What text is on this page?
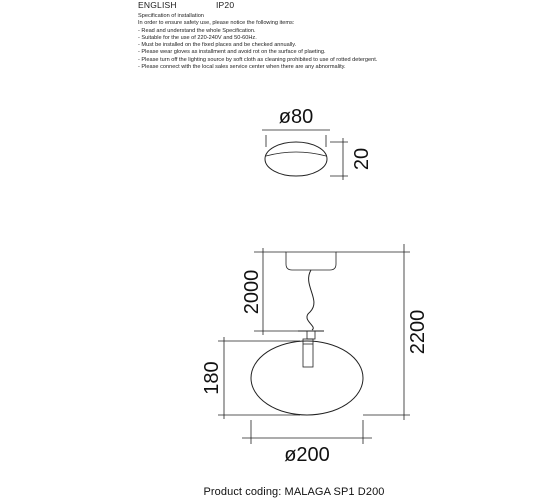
ENGLISH	IP20
Specification of installation
In order to ensure safety use, please notice the following items:
- Read and understand the whole Specification.
- Suitable for the use of 220-240V and 50-60Hz.
- Must be installed on the fixed places and be checked annually.
- Please wear gloves as installment and avoid rot on the surface of plaeting.
- Please turn off the lighting source by soft cloth as cleaning prohibited to use of rotted detergent.
- Please connect with the local sales service center when there are any abnormality.
ø80
20
2000
180
2200
ø200
Product coding: MALAGA SP1 D200
